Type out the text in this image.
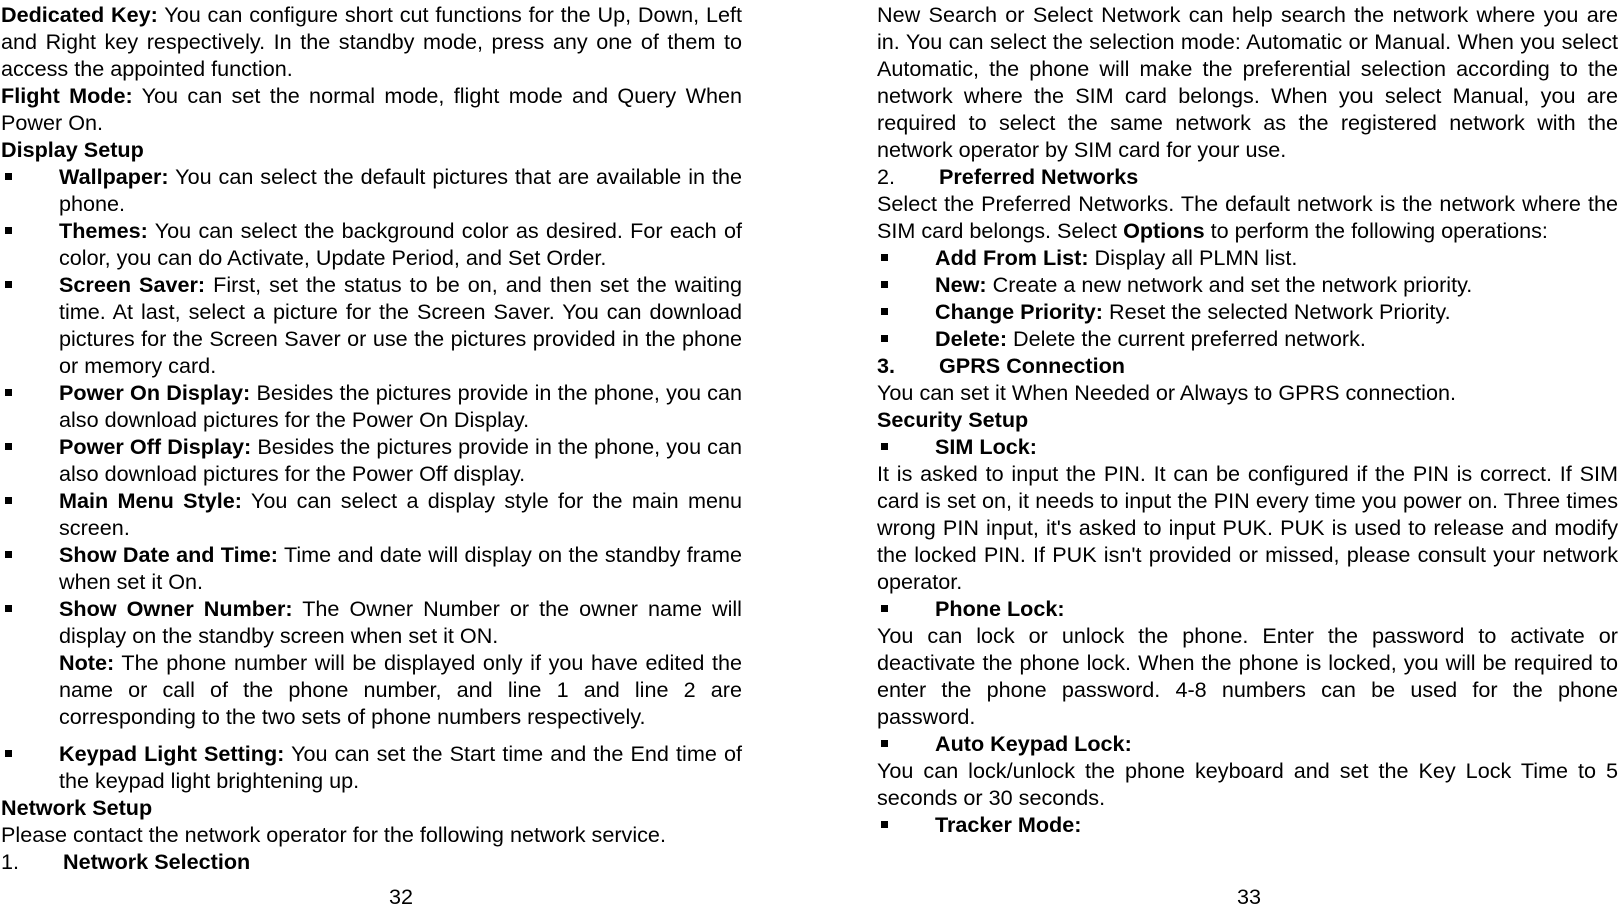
Dedicated Key: You can configure short cut functions for the Up, Down, Left and Right key respectively. In the standby mode, press any one of them to access the appointed function.

Flight Mode: You can set the normal mode, flight mode and Query When Power On.

Display Setup

Wallpaper: You can select the default pictures that are available in the phone.
Themes: You can select the background color as desired. For each of color, you can do Activate, Update Period, and Set Order.
Screen Saver: First, set the status to be on, and then set the waiting time. At last, select a picture for the Screen Saver. You can download pictures for the Screen Saver or use the pictures provided in the phone or memory card.
Power On Display: Besides the pictures provide in the phone, you can also download pictures for the Power On Display.
Power Off Display: Besides the pictures provide in the phone, you can also download pictures for the Power Off display.
Main Menu Style: You can select a display style for the main menu screen.
Show Date and Time: Time and date will display on the standby frame when set it On.
Show Owner Number: The Owner Number or the owner name will display on the standby screen when set it ON.
Note: The phone number will be displayed only if you have edited the name or call of the phone number, and line 1 and line 2 are corresponding to the two sets of phone numbers respectively.
Keypad Light Setting: You can set the Start time and the End time of the keypad light brightening up.

Network Setup

Please contact the network operator for the following network service.

1.	Network Selection
32

New Search or Select Network can help search the network where you are in. You can select the selection mode: Automatic or Manual. When you select Automatic, the phone will make the preferential selection according to the network where the SIM card belongs. When you select Manual, you are required to select the same network as the registered network with the network operator by SIM card for your use.

2.	Preferred Networks

Select the Preferred Networks. The default network is the network where the SIM card belongs. Select Options to perform the following operations:

Add From List: Display all PLMN list.
New: Create a new network and set the network priority.
Change Priority: Reset the selected Network Priority.
Delete: Delete the current preferred network.
3.	GPRS Connection

You can set it When Needed or Always to GPRS connection.

Security Setup

SIM Lock:

It is asked to input the PIN. It can be configured if the PIN is correct. If SIM card is set on, it needs to input the PIN every time you power on. Three times wrong PIN input, it's asked to input PUK. PUK is used to release and modify the locked PIN. If PUK isn't provided or missed, please consult your network operator.

Phone Lock:

You can lock or unlock the phone. Enter the password to activate or deactivate the phone lock. When the phone is locked, you will be required to enter the phone password. 4-8 numbers can be used for the phone password.

Auto Keypad Lock:

You can lock/unlock the phone keyboard and set the Key Lock Time to 5 seconds or 30 seconds.

Tracker Mode:
33
